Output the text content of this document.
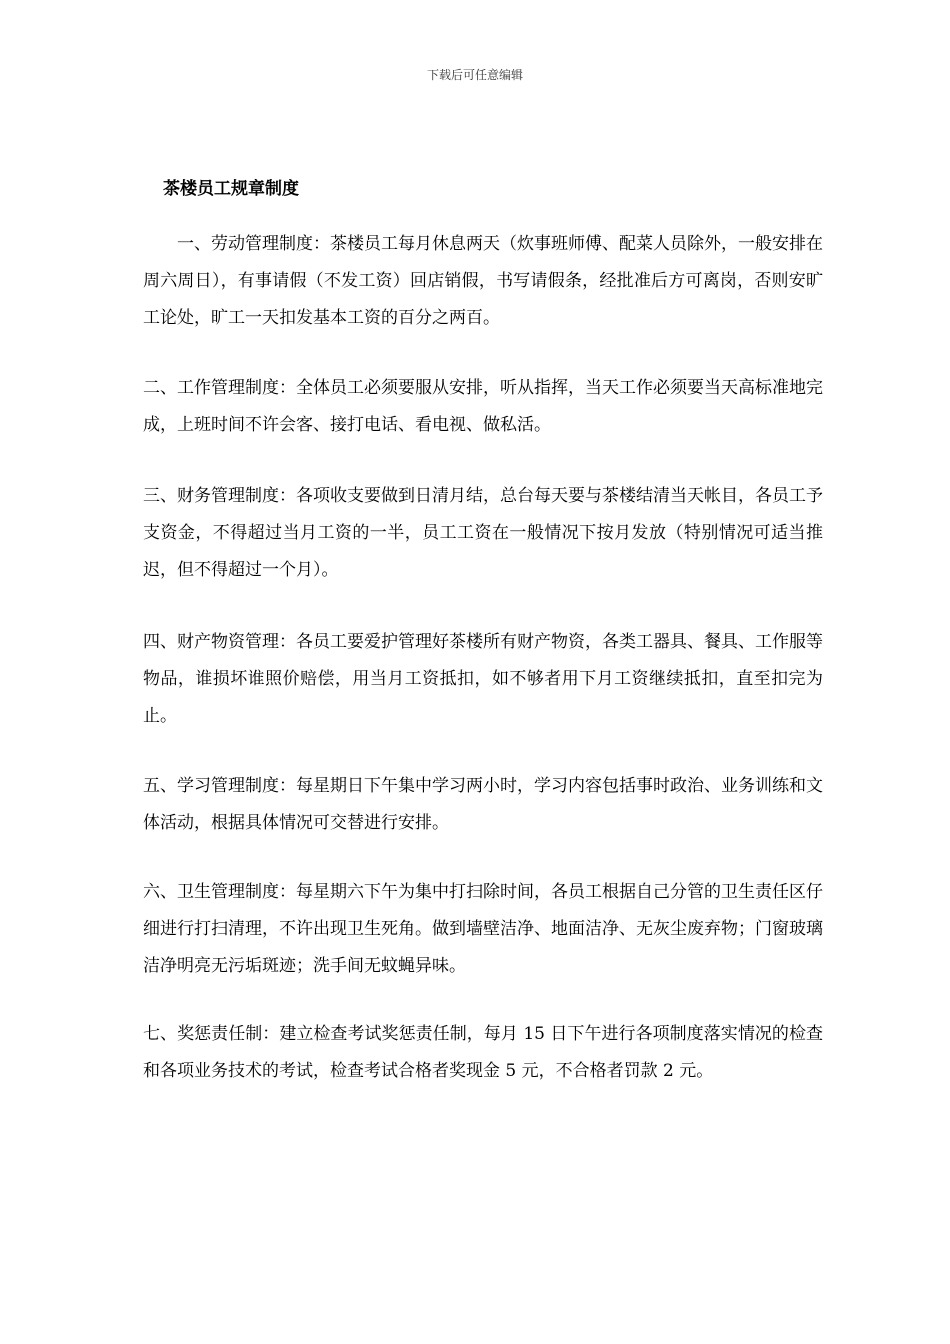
下载后可任意编辑
茶楼员工规章制度

一、劳动管理制度：茶楼员工每月休息两天（炊事班师傅、配菜人员除外，一般安排在周六周日），有事请假（不发工资）回店销假，书写请假条，经批准后方可离岗，否则安旷工论处，旷工一天扣发基本工资的百分之两百。

二、工作管理制度：全体员工必须要服从安排，听从指挥，当天工作必须要当天高标准地完成，上班时间不许会客、接打电话、看电视、做私活。

三、财务管理制度：各项收支要做到日清月结，总台每天要与茶楼结清当天帐目，各员工予支资金，不得超过当月工资的一半，员工工资在一般情况下按月发放（特别情况可适当推迟，但不得超过一个月）。

四、财产物资管理：各员工要爱护管理好茶楼所有财产物资，各类工器具、餐具、工作服等物品，谁损坏谁照价赔偿，用当月工资抵扣，如不够者用下月工资继续抵扣，直至扣完为止。

五、学习管理制度：每星期日下午集中学习两小时，学习内容包括事时政治、业务训练和文体活动，根据具体情况可交替进行安排。

六、卫生管理制度：每星期六下午为集中打扫除时间，各员工根据自己分管的卫生责任区仔细进行打扫清理，不许出现卫生死角。做到墙壁洁净、地面洁净、无灰尘废弃物；门窗玻璃洁净明亮无污垢斑迹；洗手间无蚊蝇异味。

七、奖惩责任制：建立检查考试奖惩责任制，每月 15 日下午进行各项制度落实情况的检查和各项业务技术的考试，检查考试合格者奖现金 5 元，不合格者罚款 2 元。
